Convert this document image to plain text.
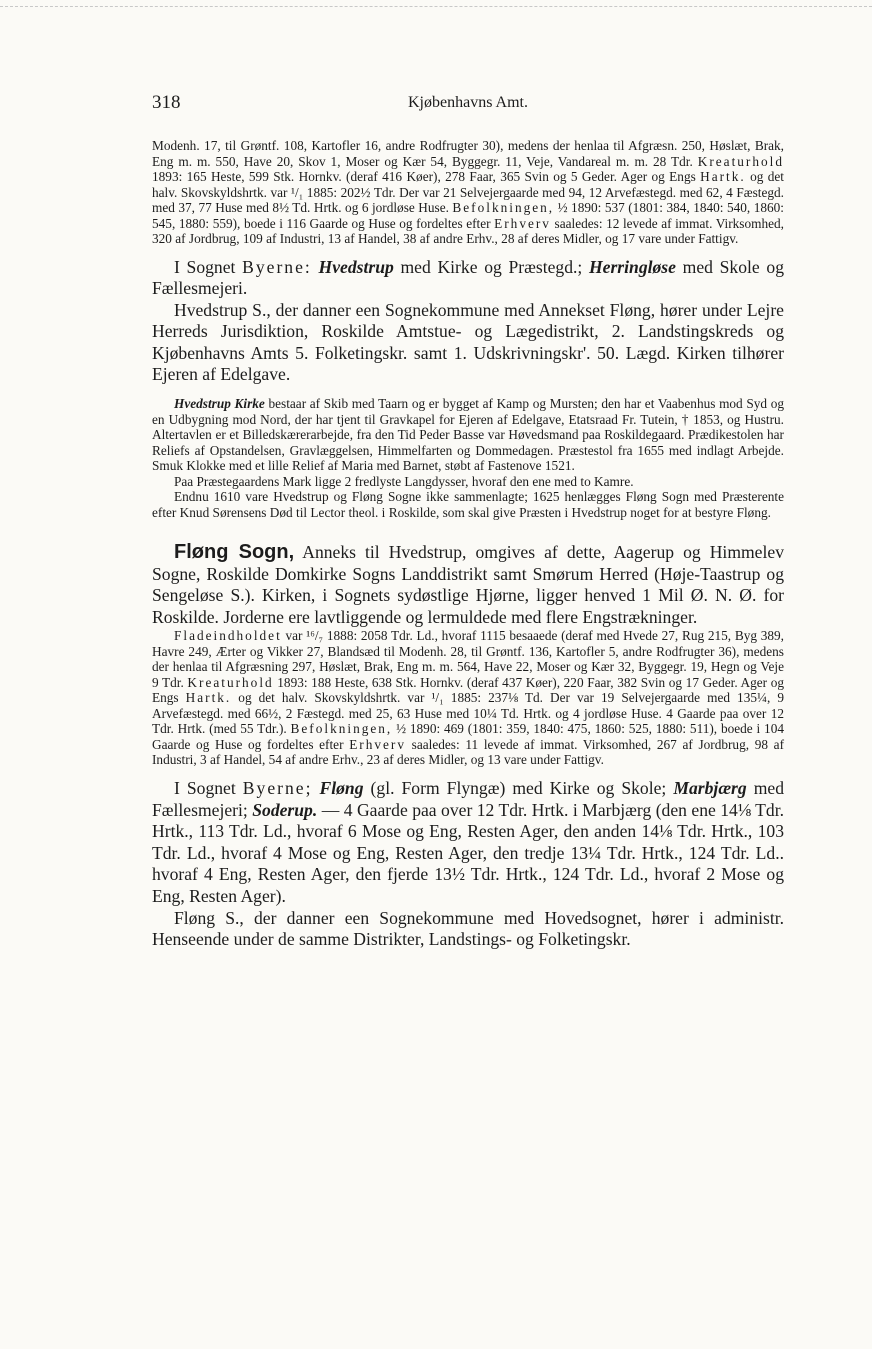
318	Kjøbenhavns Amt.

Modenh. 17, til Grøntf. 108, Kartofler 16, andre Rodfrugter 30), medens der henlaa til Afgræsn. 250, Høslæt, Brak, Eng m. m. 550, Have 20, Skov 1, Moser og Kær 54, Byggegr. 11, Veje, Vandareal m. m. 28 Tdr. Kreaturhold 1893: 165 Heste, 599 Stk. Hornkv. (deraf 416 Køer), 278 Faar, 365 Svin og 5 Geder. Ager og Engs Hartk. og det halv. Skovskyldshrtk. var ¹/₁ 1885: 202½ Tdr. Der var 21 Selvejergaarde med 94, 12 Arvefæstegd. med 62, 4 Fæstegd. med 37, 77 Huse med 8½ Td. Hrtk. og 6 jordløse Huse. Befolkningen, ½ 1890: 537 (1801: 384, 1840: 540, 1860: 545, 1880: 559), boede i 116 Gaarde og Huse og fordeltes efter Erhverv saaledes: 12 levede af immat. Virksomhed, 320 af Jordbrug, 109 af Industri, 13 af Handel, 38 af andre Erhv., 28 af deres Midler, og 17 vare under Fattigv.

I Sognet Byerne: Hvedstrup med Kirke og Præstegd.; Herringløse med Skole og Fællesmejeri.

Hvedstrup S., der danner een Sognekommune med Annekset Fløng, hører under Lejre Herreds Jurisdiktion, Roskilde Amtstue- og Lægedistrikt, 2. Landstingskreds og Kjøbenhavns Amts 5. Folketingskr. samt 1. Udskrivningskr'. 50. Lægd. Kirken tilhører Ejeren af Edelgave.

Hvedstrup Kirke bestaar af Skib med Taarn og er bygget af Kamp og Mursten; den har et Vaabenhus mod Syd og en Udbygning mod Nord, der har tjent til Gravkapel for Ejeren af Edelgave, Etatsraad Fr. Tutein, † 1853, og Hustru. Altertavlen er et Billedskærerarbejde, fra den Tid Peder Basse var Høvedsmand paa Roskildegaard. Prædikestolen har Reliefs af Opstandelsen, Gravlæggelsen, Himmelfarten og Dommedagen. Præstestol fra 1655 med indlagt Arbejde. Smuk Klokke med et lille Relief af Maria med Barnet, støbt af Fastenove 1521.

Paa Præstegaardens Mark ligge 2 fredlyste Langdysser, hvoraf den ene med to Kamre.

Endnu 1610 vare Hvedstrup og Fløng Sogne ikke sammenlagte; 1625 henlægges Fløng Sogn med Præsterente efter Knud Sørensens Død til Lector theol. i Roskilde, som skal give Præsten i Hvedstrup noget for at bestyre Fløng.

Fløng Sogn, Anneks til Hvedstrup, omgives af dette, Aagerup og Himmelev Sogne, Roskilde Domkirke Sogns Landdistrikt samt Smørum Herred (Høje-Taastrup og Sengeløse S.). Kirken, i Sognets sydøstlige Hjørne, ligger henved 1 Mil Ø. N. Ø. for Roskilde. Jorderne ere lavtliggende og lermuldede med flere Engstrækninger.

Fladeindholdet var ¹⁶/₇ 1888: 2058 Tdr. Ld., hvoraf 1115 besaaede (deraf med Hvede 27, Rug 215, Byg 389, Havre 249, Ærter og Vikker 27, Blandsæd til Modenh. 28, til Grøntf. 136, Kartofler 5, andre Rodfrugter 36), medens der henlaa til Afgræsning 297, Høslæt, Brak, Eng m. m. 564, Have 22, Moser og Kær 32, Byggegr. 19, Hegn og Veje 9 Tdr. Kreaturhold 1893: 188 Heste, 638 Stk. Hornkv. (deraf 437 Køer), 220 Faar, 382 Svin og 17 Geder. Ager og Engs Hartk. og det halv. Skovskyldshrtk. var ¹/₁ 1885: 237⅛ Td. Der var 19 Selvejergaarde med 135¼, 9 Arvefæstegd. med 66½, 2 Fæstegd. med 25, 63 Huse med 10¼ Td. Hrtk. og 4 jordløse Huse. 4 Gaarde paa over 12 Tdr. Hrtk. (med 55 Tdr.). Befolkningen, ½ 1890: 469 (1801: 359, 1840: 475, 1860: 525, 1880: 511), boede i 104 Gaarde og Huse og fordeltes efter Erhverv saaledes: 11 levede af immat. Virksomhed, 267 af Jordbrug, 98 af Industri, 3 af Handel, 54 af andre Erhv., 23 af deres Midler, og 13 vare under Fattigv.

I Sognet Byerne; Fløng (gl. Form Flyngæ) med Kirke og Skole; Marbjærg med Fællesmejeri; Soderup. — 4 Gaarde paa over 12 Tdr. Hrtk. i Marbjærg (den ene 14⅛ Tdr. Hrtk., 113 Tdr. Ld., hvoraf 6 Mose og Eng, Resten Ager, den anden 14⅛ Tdr. Hrtk., 103 Tdr. Ld., hvoraf 4 Mose og Eng, Resten Ager, den tredje 13¼ Tdr. Hrtk., 124 Tdr. Ld.. hvoraf 4 Eng, Resten Ager, den fjerde 13½ Tdr. Hrtk., 124 Tdr. Ld., hvoraf 2 Mose og Eng, Resten Ager).

Fløng S., der danner een Sognekommune med Hovedsognet, hører i administr. Henseende under de samme Distrikter, Landstings- og Folketingskr.
